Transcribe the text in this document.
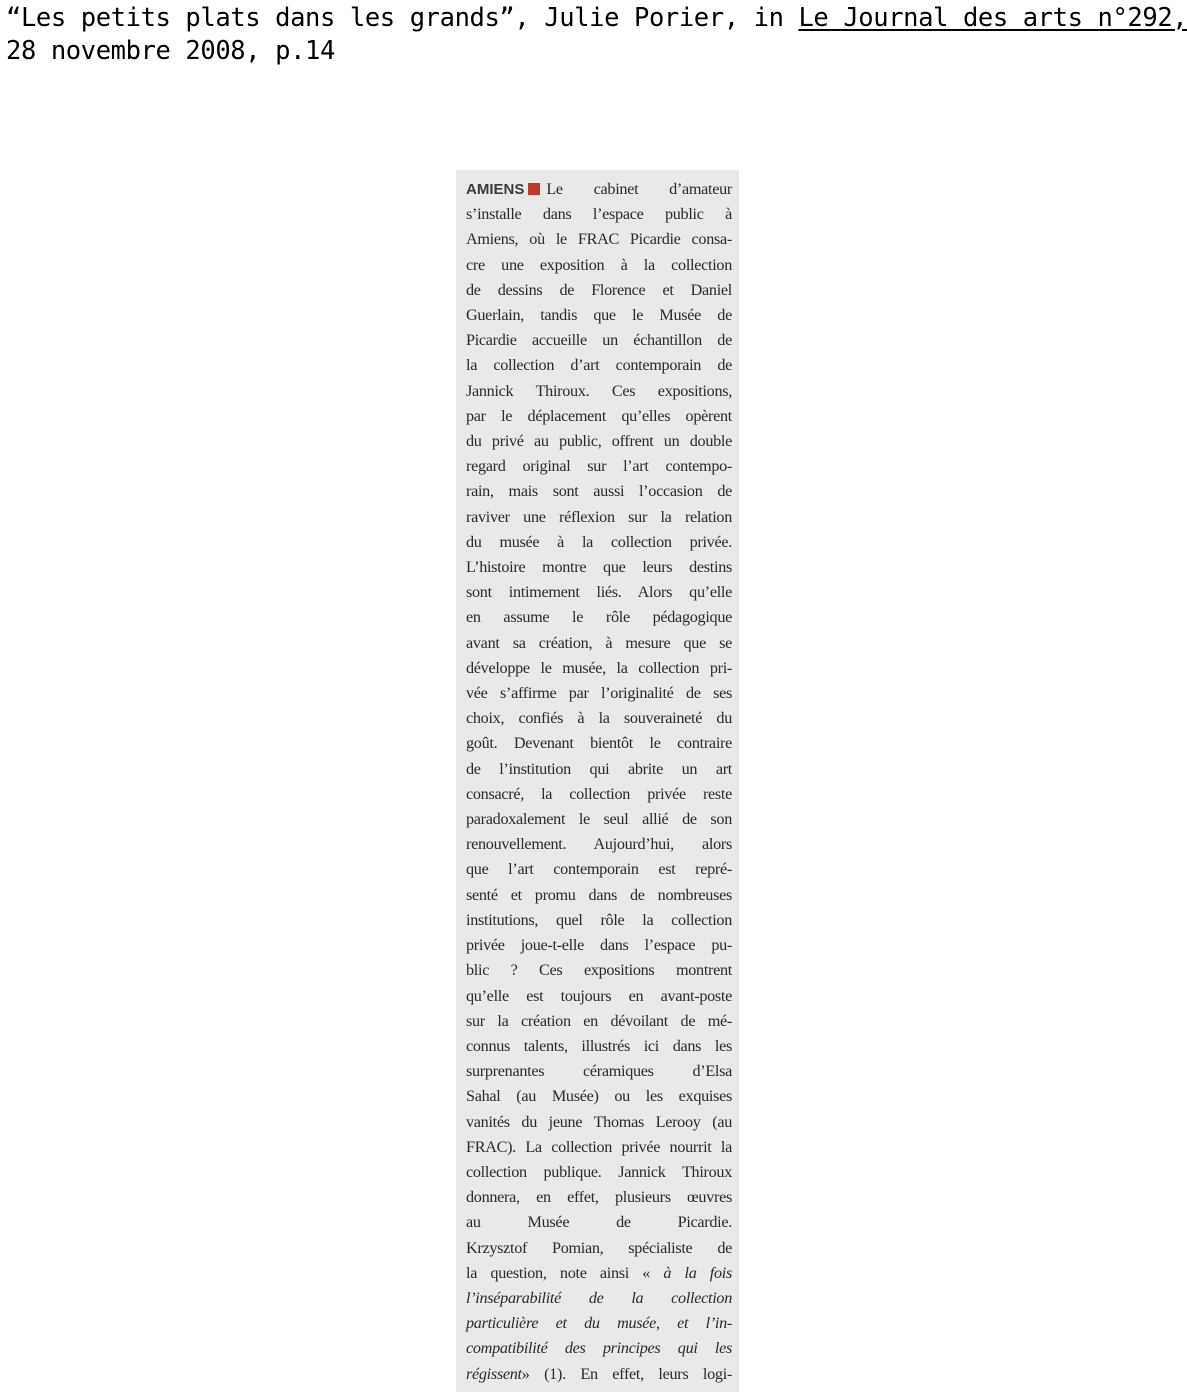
“Les petits plats dans les grands”, Julie Porier, in Le Journal des arts n°292,
28 novembre 2008, p.14
AMIENS Le cabinet d’amateur
s’installe dans l’espace public à
Amiens, où le FRAC Picardie consa-
cre une exposition à la collection
de dessins de Florence et Daniel
Guerlain, tandis que le Musée de
Picardie accueille un échantillon de
la collection d’art contemporain de
Jannick Thiroux. Ces expositions,
par le déplacement qu’elles opèrent
du privé au public, offrent un double
regard original sur l’art contempo-
rain, mais sont aussi l’occasion de
raviver une réflexion sur la relation
du musée à la collection privée.
L’histoire montre que leurs destins
sont intimement liés. Alors qu’elle
en assume le rôle pédagogique
avant sa création, à mesure que se
développe le musée, la collection pri-
vée s’affirme par l’originalité de ses
choix, confiés à la souveraineté du
goût. Devenant bientôt le contraire
de l’institution qui abrite un art
consacré, la collection privée reste
paradoxalement le seul allié de son
renouvellement. Aujourd’hui, alors
que l’art contemporain est repré-
senté et promu dans de nombreuses
institutions, quel rôle la collection
privée joue-t-elle dans l’espace pu-
blic ? Ces expositions montrent
qu’elle est toujours en avant-poste
sur la création en dévoilant de mé-
connus talents, illustrés ici dans les
surprenantes céramiques d’Elsa
Sahal (au Musée) ou les exquises
vanités du jeune Thomas Lerooy (au
FRAC). La collection privée nourrit la
collection publique. Jannick Thiroux
donnera, en effet, plusieurs œuvres
au Musée de Picardie.
Krzysztof Pomian, spécialiste de
la question, note ainsi « à la fois
l’inséparabilité de la collection
particulière et du musée, et l’in-
compatibilité des principes qui les
régissent» (1). En effet, leurs logi-
